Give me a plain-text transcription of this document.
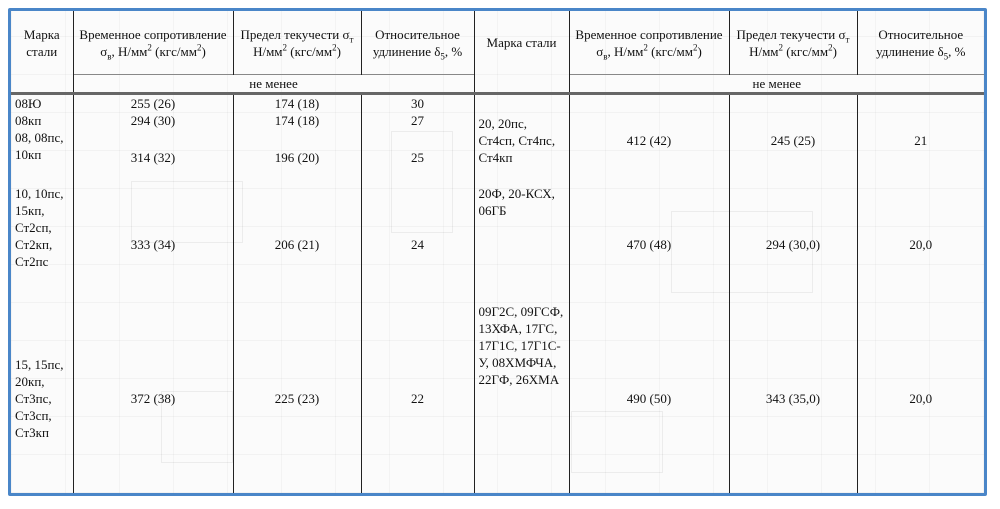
Марка стали	Временное сопротивление $\sigma_в$, $Н/мм^2$ $(кгс/мм^2)$	Предел текучести $\sigma_т$ $Н/мм^2$ $(кгс/мм^2)$	Относительное удлинение $\delta_5$, %	Марка стали	Временное сопротивление $\sigma_в$, $Н/мм^2$ $(кгс/мм^2)$	Предел текучести $\sigma_т$ $Н/мм^2$ $(кгс/мм^2)$	Относительное удлинение $\delta_5$, %
	не менее				не менее		
08Ю	255 (26)	174 (18)	30	20, 20пс, Ст4сп, Ст4пс, Ст4кп	412 (42)	245 (25)	21
08кп	294 (30)	174 (18)	27				
08, 08пс, 10кп	314 (32)	196 (20)	25				
10, 10пс, 15кп, Ст2сп, Ст2кп, Ст2пс	333 (34)	206 (21)	24	20Ф, 20-КСХ, 06ГБ	470 (48)	294 (30,0)	20,0
15, 15пс, 20кп, Ст3пс, Ст3сп, Ст3кп	372 (38)	225 (23)	22	09Г2С, 09ГСФ, 13ХФА, 17ГС, 17Г1С, 17Г1С-У, 08ХМФЧА, 22ГФ, 26ХМА	490 (50)	343 (35,0)	20,0
